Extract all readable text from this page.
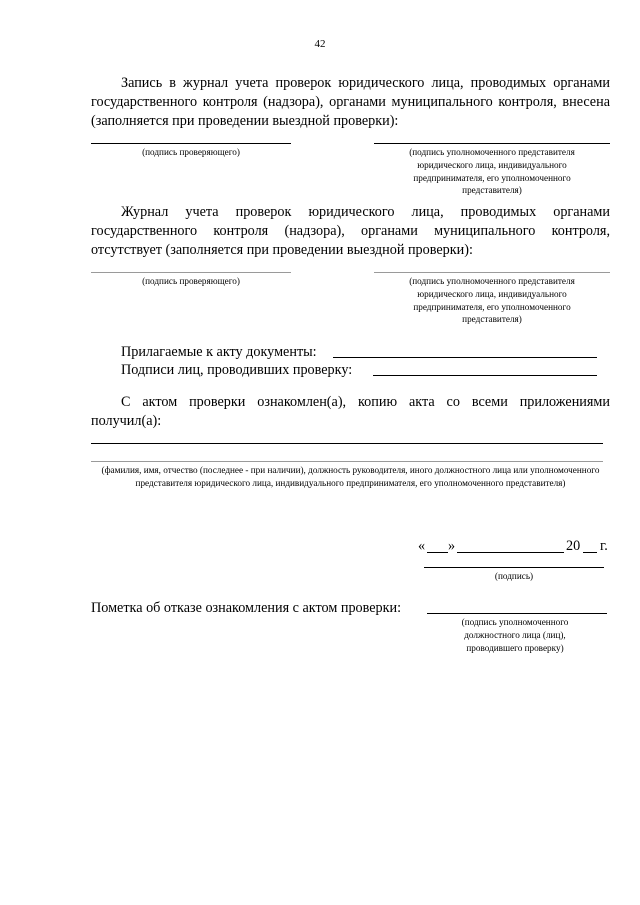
42
Запись в журнал учета проверок юридического лица, проводимых органами государственного контроля (надзора), органами муниципального контроля, внесена (заполняется при проведении выездной проверки):
(подпись проверяющего)	(подпись уполномоченного представителя юридического лица, индивидуального предпринимателя, его уполномоченного представителя)
Журнал учета проверок юридического лица, проводимых органами государственного контроля (надзора), органами муниципального контроля, отсутствует (заполняется при проведении выездной проверки):
(подпись проверяющего)	(подпись уполномоченного представителя юридического лица, индивидуального предпринимателя, его уполномоченного представителя)
Прилагаемые к акту документы:
Подписи лиц, проводивших проверку:
С актом проверки ознакомлен(а), копию акта со всеми приложениями получил(а):
(фамилия, имя, отчество (последнее - при наличии), должность руководителя, иного должностного лица или уполномоченного представителя юридического лица, индивидуального предпринимателя, его уполномоченного представителя)
« »	20 г.
(подпись)
Пометка об отказе ознакомления с актом проверки:
(подпись уполномоченного должностного лица (лиц), проводившего проверку)
